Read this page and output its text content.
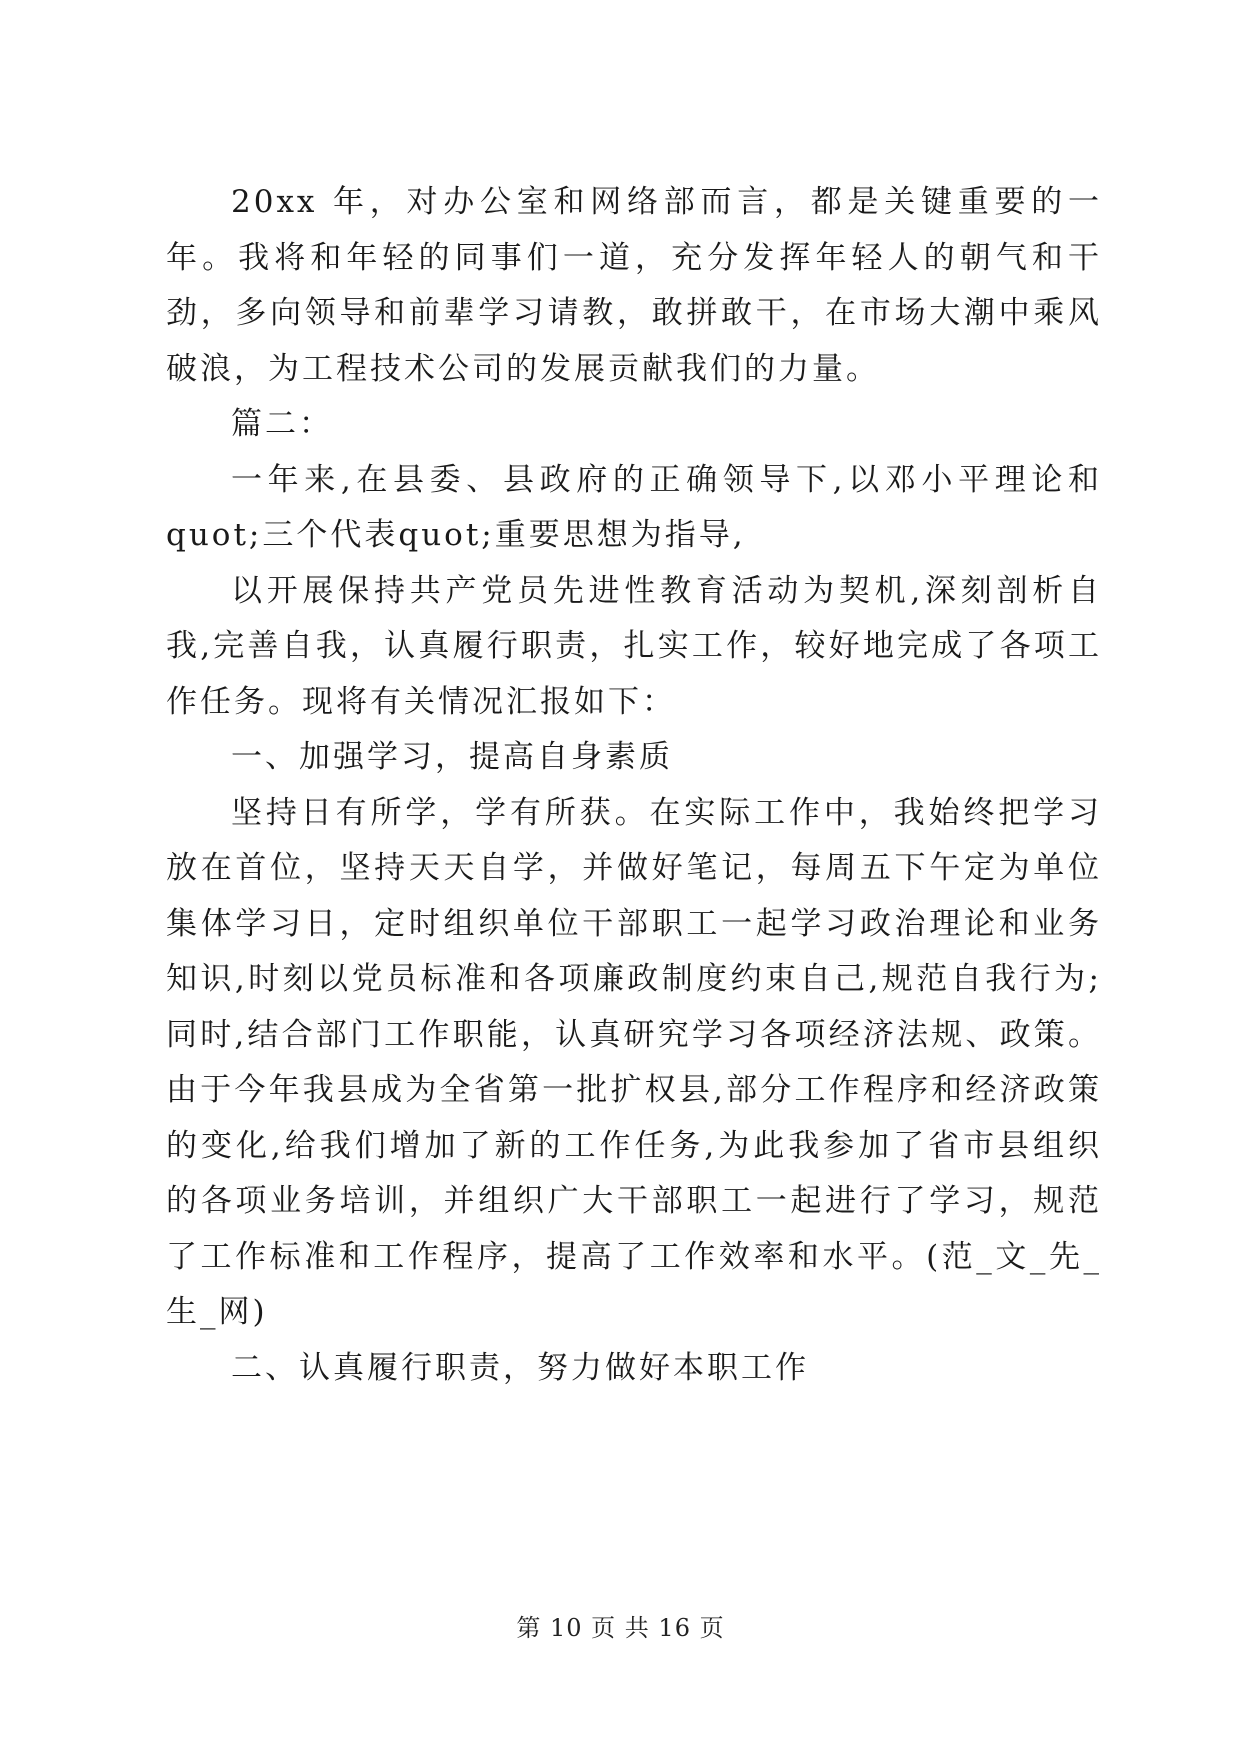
20xx 年，对办公室和网络部而言，都是关键重要的一年。我将和年轻的同事们一道，充分发挥年轻人的朝气和干劲，多向领导和前辈学习请教，敢拼敢干，在市场大潮中乘风破浪，为工程技术公司的发展贡献我们的力量。

篇二：

一年来,在县委、县政府的正确领导下,以邓小平理论和quot;三个代表quot;重要思想为指导,

以开展保持共产党员先进性教育活动为契机,深刻剖析自我,完善自我，认真履行职责，扎实工作，较好地完成了各项工作任务。现将有关情况汇报如下：

一、加强学习，提高自身素质

坚持日有所学，学有所获。在实际工作中，我始终把学习放在首位，坚持天天自学，并做好笔记，每周五下午定为单位集体学习日，定时组织单位干部职工一起学习政治理论和业务知识,时刻以党员标准和各项廉政制度约束自己,规范自我行为;同时,结合部门工作职能，认真研究学习各项经济法规、政策。由于今年我县成为全省第一批扩权县,部分工作程序和经济政策的变化,给我们增加了新的工作任务,为此我参加了省市县组织的各项业务培训，并组织广大干部职工一起进行了学习，规范了工作标准和工作程序，提高了工作效率和水平。(范_文_先_生_网)

二、认真履行职责，努力做好本职工作

第 10 页 共 16 页
